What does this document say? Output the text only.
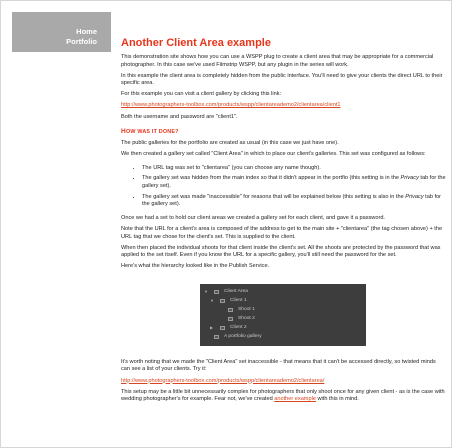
Home
Portfolio Another Client Area example

This demonstration site shows how you can use a WSPP plug to create a client area that may be appropriate for a commercial photographer. In this case we've used Filmstrip WSPP, but any plugin in the series will work.

In this example the client area is completely hidden from the public interface. You'll need to give your clients the direct URL to their specific area.

For this example you can visit a client gallery by clicking this link:

http://www.photographers-toolbox.com/products/wspp/clientareademo2/clientarea/client1

Both the username and password are "client1".

HOW WAS IT DONE?

The public galleries for the portfolio are created as usual (in this case we just have one).

We then created a gallery set called "Client Area" in which to place our client's galleries. This set was configured as follows:

• The URL tag was set to "clientarea" (you can choose any name though).
• The gallery set was hidden from the main index so that it didn't appear in the portfio (this setting is in the Privacy tab for the gallery set).
• The gallery set was made "inaccessible" for reasons that will be explained below (this setting is also in the Privacy tab for the gallery set).

Once we had a set to hold our client areas we created a gallery set for each client, and gave it a password.

Note that the URL for a client's area is composed of the address to get to the main site + "clientarea" (the tag chosen above) + the URL tag that we chose for the client's set. This is supplied to the client.

When then placed the individual shoots for that client inside the client's set. All the shoots are protected by the password that was applied to the set itself. Even if you know the URL for a specific gallery, you'll still need the password for the set.

Here's what the hierarchy looked like in the Publish Service.

▼	Client Area
▼	Client 1
Shoot 1
Shoot 2
▶	Client 2
A portfolio gallery

It's worth noting that we made the "Client Area" set inaccessible - that means that it can't be accessed directly, so twisted minds can see a list of your clients. Try it:

http://www.photographers-toolbox.com/products/wspp/clientareademo2/clientarea/

This setup may be a little bit unnecessarily complex for photographers that only shoot once for any given client - as is the case with wedding photographer's for example. Fear not, we've created another example with this in mind.
